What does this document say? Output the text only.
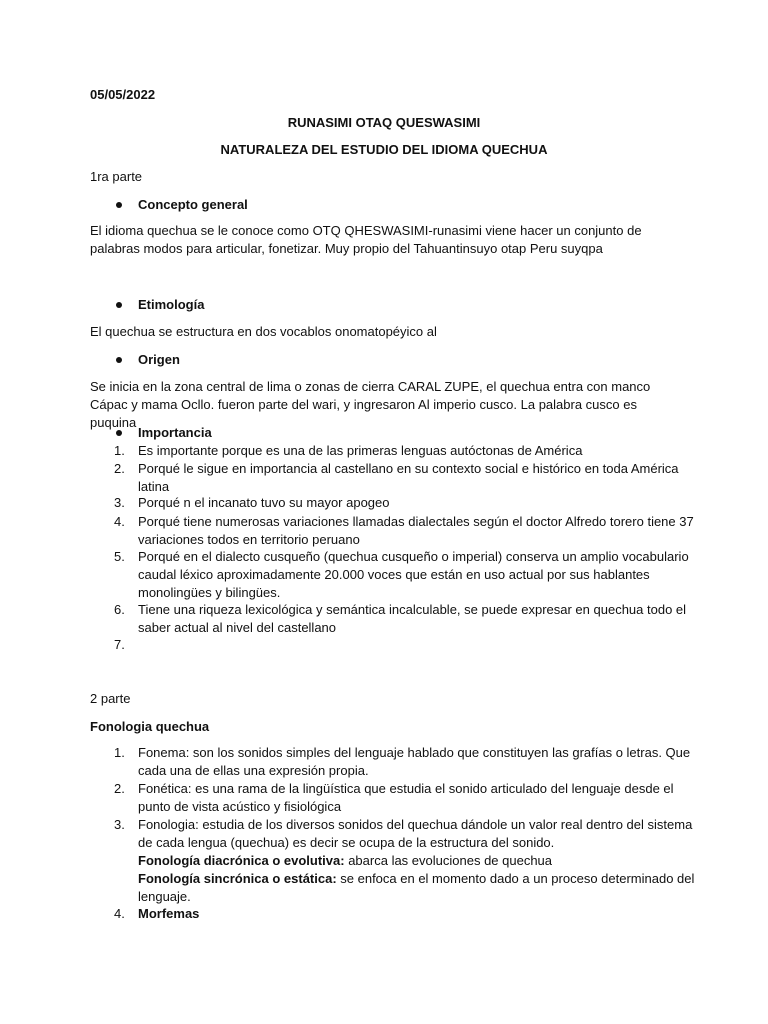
05/05/2022
RUNASIMI OTAQ QUESWASIMI
NATURALEZA DEL ESTUDIO DEL IDIOMA QUECHUA
1ra parte
Concepto general
El idioma quechua se le conoce como OTQ QHESWASIMI-runasimi viene hacer un conjunto de palabras modos para articular, fonetizar. Muy propio del Tahuantinsuyo otap Peru suyqpa
Etimología
El quechua se estructura en dos vocablos onomatopéyico al
Origen
Se inicia en la zona central de lima o zonas de cierra CARAL ZUPE, el quechua entra con manco Cápac y mama Ocllo. fueron parte del wari, y ingresaron Al imperio cusco. La palabra cusco es puquina
Importancia
1. Es importante porque es una de las primeras lenguas autóctonas de América
2. Porqué le sigue en importancia al castellano en su contexto social e histórico en toda América latina
3. Porqué n el incanato tuvo su mayor apogeo
4. Porqué tiene numerosas variaciones llamadas dialectales según el doctor Alfredo torero tiene 37 variaciones todos en territorio peruano
5. Porqué en el dialecto cusqueño (quechua cusqueño o imperial) conserva un amplio vocabulario caudal léxico aproximadamente 20.000 voces que están en uso actual por sus hablantes monolingües y bilingües.
6. Tiene una riqueza lexicológica y semántica incalculable, se puede expresar en quechua todo el saber actual al nivel del castellano
7.
2 parte
Fonologia quechua
1. Fonema: son los sonidos simples del lenguaje hablado que constituyen las grafías o letras. Que cada una de ellas una expresión propia.
2. Fonética: es una rama de la lingüística que estudia el sonido articulado del lenguaje desde el punto de vista acústico y fisiológica
3. Fonologia: estudia de los diversos sonidos del quechua dándole un valor real dentro del sistema de cada lengua (quechua) es decir se ocupa de la estructura del sonido.
Fonología diacrónica o evolutiva: abarca las evoluciones de quechua
Fonología sincrónica o estática: se enfoca en el momento dado a un proceso determinado del lenguaje.
4. Morfemas
